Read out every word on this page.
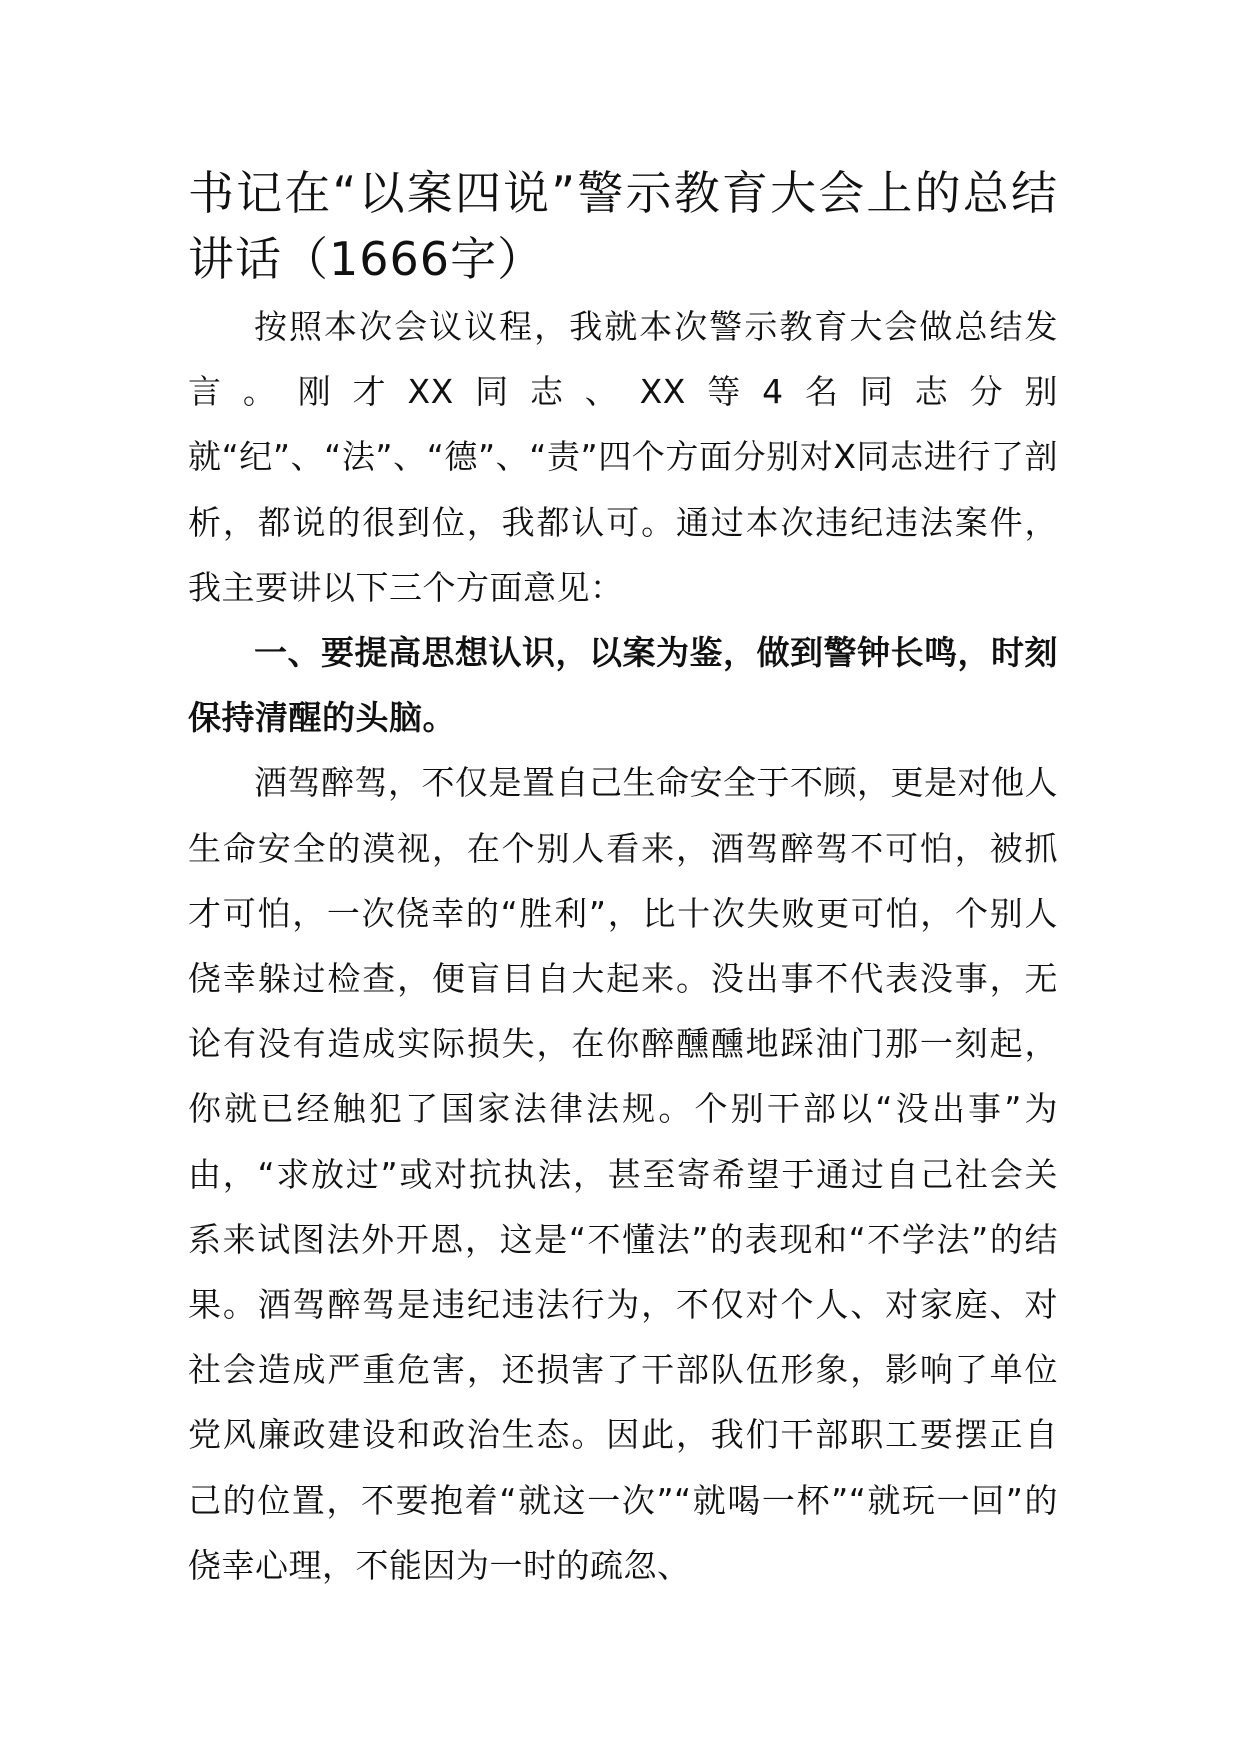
书记在“以案四说”警示教育大会上的总结讲话（1666字）

按照本次会议议程，我就本次警示教育大会做总结发言。刚才XX同志、XX等4名同志分别就“纪”、“法”、“德”、“责”四个方面分别对X同志进行了剖析，都说的很到位，我都认可。通过本次违纪违法案件，我主要讲以下三个方面意见：

一、要提高思想认识，以案为鉴，做到警钟长鸣，时刻保持清醒的头脑。

酒驾醉驾，不仅是置自己生命安全于不顾，更是对他人生命安全的漠视，在个别人看来，酒驾醉驾不可怕，被抓才可怕，一次侥幸的“胜利”，比十次失败更可怕，个别人侥幸躲过检查，便盲目自大起来。没出事不代表没事，无论有没有造成实际损失，在你醉醺醺地踩油门那一刻起，你就已经触犯了国家法律法规。个别干部以“没出事”为由，“求放过”或对抗执法，甚至寄希望于通过自己社会关系来试图法外开恩，这是“不懂法”的表现和“不学法”的结果。酒驾醉驾是违纪违法行为，不仅对个人、对家庭、对社会造成严重危害，还损害了干部队伍形象，影响了单位党风廉政建设和政治生态。因此，我们干部职工要摆正自己的位置，不要抱着“就这一次”“就喝一杯”“就玩一回”的侥幸心理，不能因为一时的疏忽、
